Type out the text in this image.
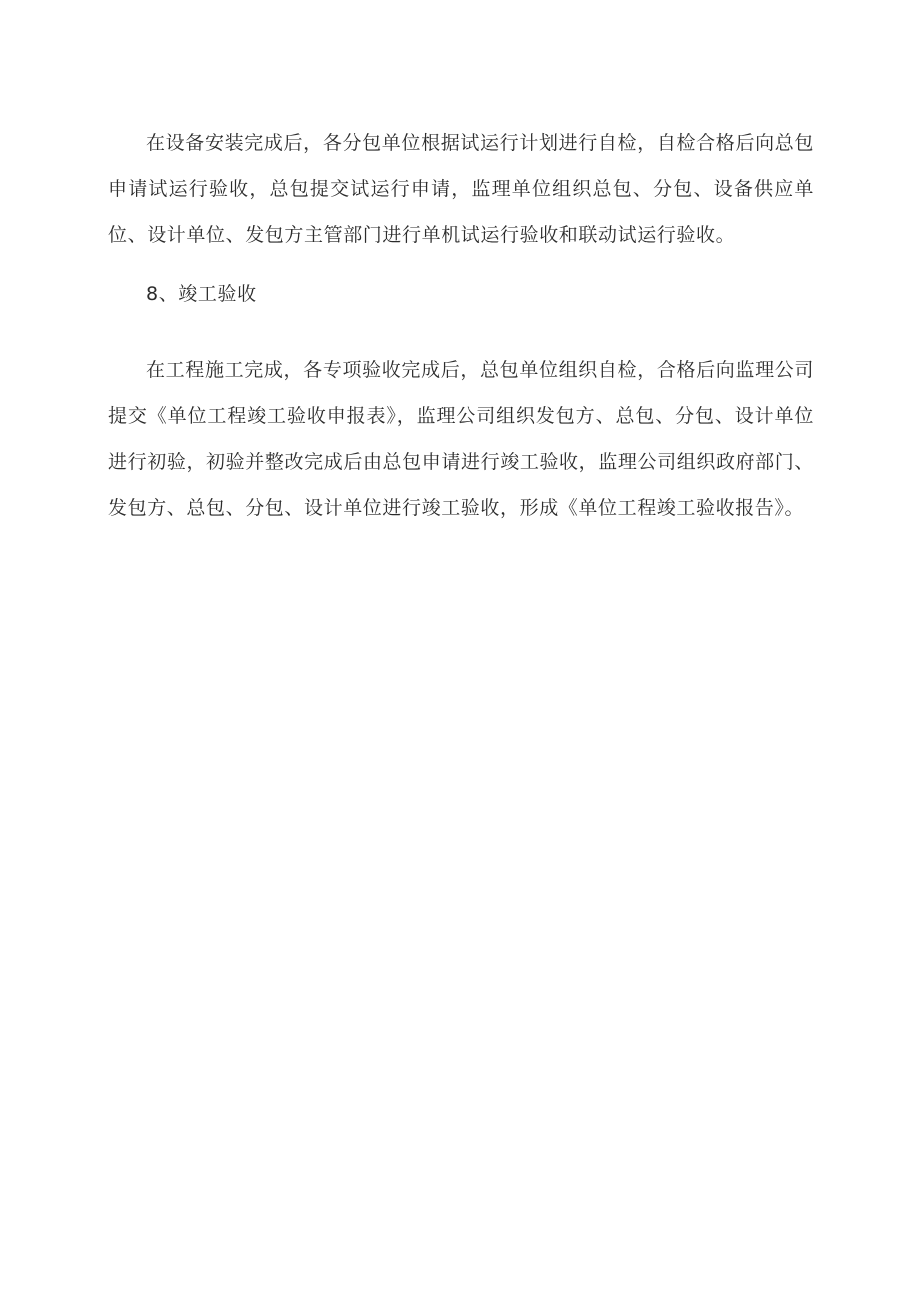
在设备安装完成后，各分包单位根据试运行计划进行自检，自检合格后向总包申请试运行验收，总包提交试运行申请，监理单位组织总包、分包、设备供应单位、设计单位、发包方主管部门进行单机试运行验收和联动试运行验收。

8、竣工验收

在工程施工完成，各专项验收完成后，总包单位组织自检，合格后向监理公司提交《单位工程竣工验收申报表》，监理公司组织发包方、总包、分包、设计单位进行初验，初验并整改完成后由总包申请进行竣工验收，监理公司组织政府部门、发包方、总包、分包、设计单位进行竣工验收，形成《单位工程竣工验收报告》。
